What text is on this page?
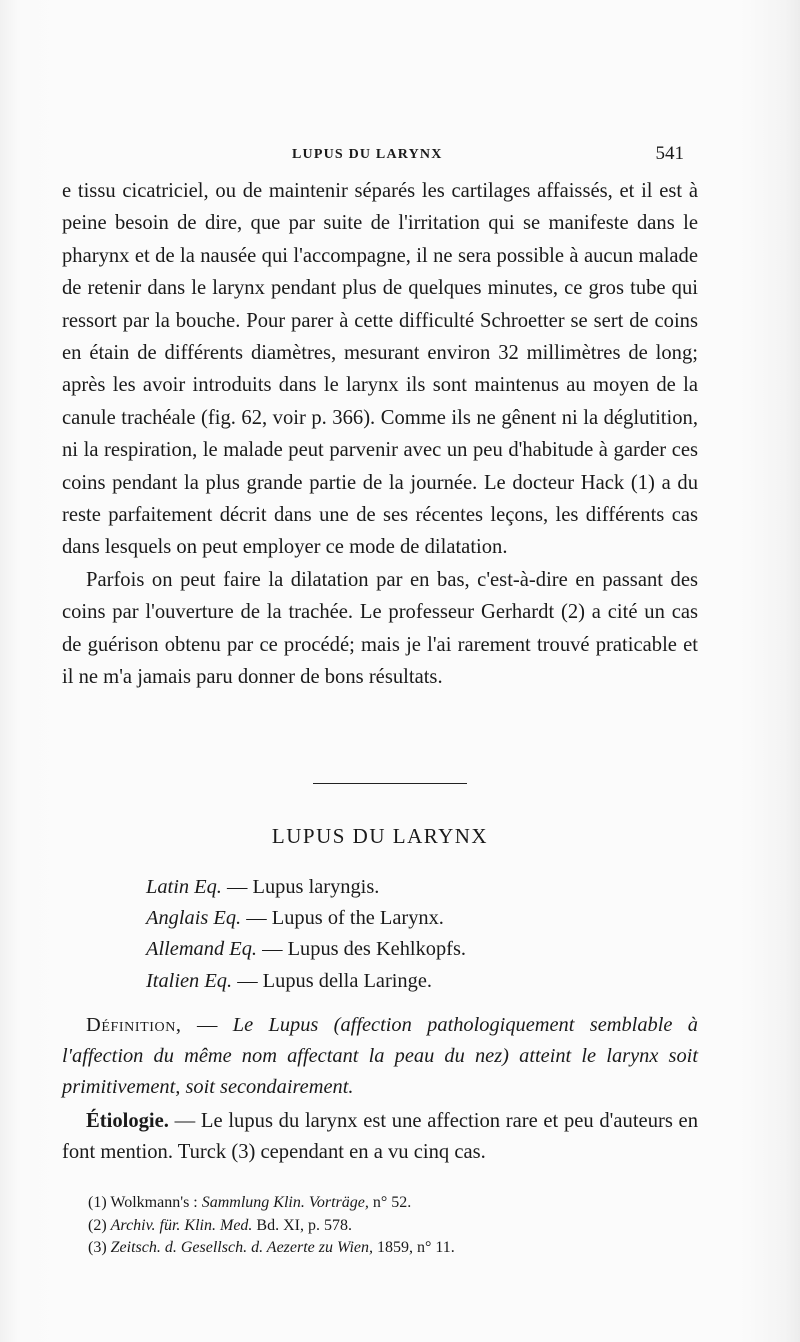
LUPUS DU LARYNX	541

e tissu cicatriciel, ou de maintenir séparés les cartilages affaissés, et il est à peine besoin de dire, que par suite de l'irritation qui se manifeste dans le pharynx et de la nausée qui l'accompagne, il ne sera possible à aucun malade de retenir dans le larynx pendant plus de quelques minutes, ce gros tube qui ressort par la bouche. Pour parer à cette difficulté Schroetter se sert de coins en étain de différents diamètres, mesurant environ 32 millimètres de long; après les avoir introduits dans le larynx ils sont maintenus au moyen de la canule trachéale (fig. 62, voir p. 366). Comme ils ne gênent ni la déglutition, ni la respiration, le malade peut parvenir avec un peu d'habitude à garder ces coins pendant la plus grande partie de la journée. Le docteur Hack (1) a du reste parfaitement décrit dans une de ses récentes leçons, les différents cas dans lesquels on peut employer ce mode de dilatation.

Parfois on peut faire la dilatation par en bas, c'est-à-dire en passant des coins par l'ouverture de la trachée. Le professeur Gerhardt (2) a cité un cas de guérison obtenu par ce procédé; mais je l'ai rarement trouvé praticable et il ne m'a jamais paru donner de bons résultats.

LUPUS DU LARYNX
Latin Eq. — Lupus laryngis.
Anglais Eq. — Lupus of the Larynx.
Allemand Eq. — Lupus des Kehlkopfs.
Italien Eq. — Lupus della Laringe.
Définition, — Le Lupus (affection pathologiquement semblable à l'affection du même nom affectant la peau du nez) atteint le larynx soit primitivement, soit secondairement.
Étiologie. — Le lupus du larynx est une affection rare et peu d'auteurs en font mention. Turck (3) cependant en a vu cinq cas.
(1) Wolkmann's : Sammlung Klin. Vorträge, n° 52.
(2) Archiv. für. Klin. Med. Bd. XI, p. 578.
(3) Zeitsch. d. Gesellsch. d. Aezerte zu Wien, 1859, n° 11.
